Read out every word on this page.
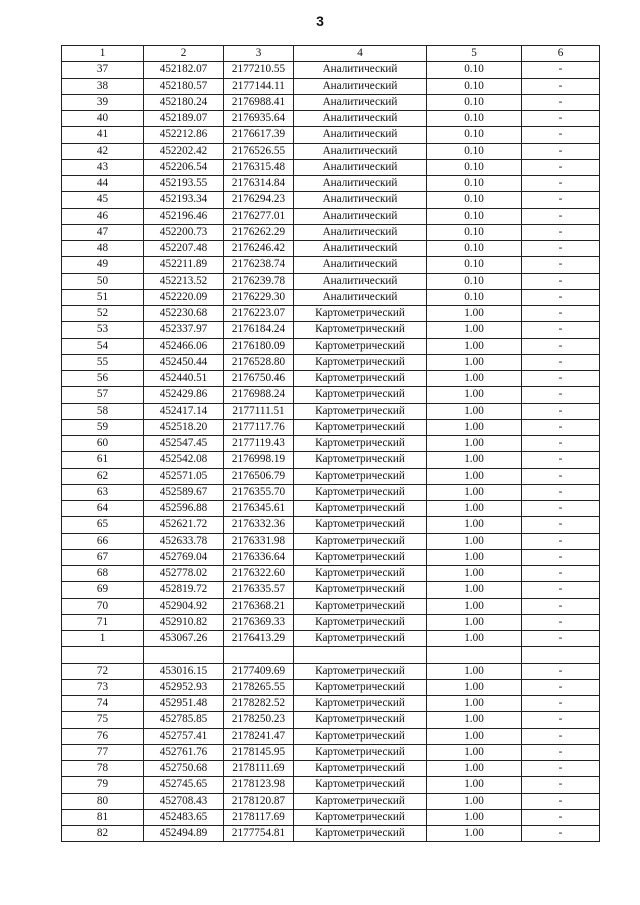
3
1	2	3	4	5	6
37	452182.07	2177210.55	Аналитический	0.10	-
38	452180.57	2177144.11	Аналитический	0.10	-
39	452180.24	2176988.41	Аналитический	0.10	-
40	452189.07	2176935.64	Аналитический	0.10	-
41	452212.86	2176617.39	Аналитический	0.10	-
42	452202.42	2176526.55	Аналитический	0.10	-
43	452206.54	2176315.48	Аналитический	0.10	-
44	452193.55	2176314.84	Аналитический	0.10	-
45	452193.34	2176294.23	Аналитический	0.10	-
46	452196.46	2176277.01	Аналитический	0.10	-
47	452200.73	2176262.29	Аналитический	0.10	-
48	452207.48	2176246.42	Аналитический	0.10	-
49	452211.89	2176238.74	Аналитический	0.10	-
50	452213.52	2176239.78	Аналитический	0.10	-
51	452220.09	2176229.30	Аналитический	0.10	-
52	452230.68	2176223.07	Картометрический	1.00	-
53	452337.97	2176184.24	Картометрический	1.00	-
54	452466.06	2176180.09	Картометрический	1.00	-
55	452450.44	2176528.80	Картометрический	1.00	-
56	452440.51	2176750.46	Картометрический	1.00	-
57	452429.86	2176988.24	Картометрический	1.00	-
58	452417.14	2177111.51	Картометрический	1.00	-
59	452518.20	2177117.76	Картометрический	1.00	-
60	452547.45	2177119.43	Картометрический	1.00	-
61	452542.08	2176998.19	Картометрический	1.00	-
62	452571.05	2176506.79	Картометрический	1.00	-
63	452589.67	2176355.70	Картометрический	1.00	-
64	452596.88	2176345.61	Картометрический	1.00	-
65	452621.72	2176332.36	Картометрический	1.00	-
66	452633.78	2176331.98	Картометрический	1.00	-
67	452769.04	2176336.64	Картометрический	1.00	-
68	452778.02	2176322.60	Картометрический	1.00	-
69	452819.72	2176335.57	Картометрический	1.00	-
70	452904.92	2176368.21	Картометрический	1.00	-
71	452910.82	2176369.33	Картометрический	1.00	-
1	453067.26	2176413.29	Картометрический	1.00	-

72	453016.15	2177409.69	Картометрический	1.00	-
73	452952.93	2178265.55	Картометрический	1.00	-
74	452951.48	2178282.52	Картометрический	1.00	-
75	452785.85	2178250.23	Картометрический	1.00	-
76	452757.41	2178241.47	Картометрический	1.00	-
77	452761.76	2178145.95	Картометрический	1.00	-
78	452750.68	2178111.69	Картометрический	1.00	-
79	452745.65	2178123.98	Картометрический	1.00	-
80	452708.43	2178120.87	Картометрический	1.00	-
81	452483.65	2178117.69	Картометрический	1.00	-
82	452494.89	2177754.81	Картометрический	1.00	-
